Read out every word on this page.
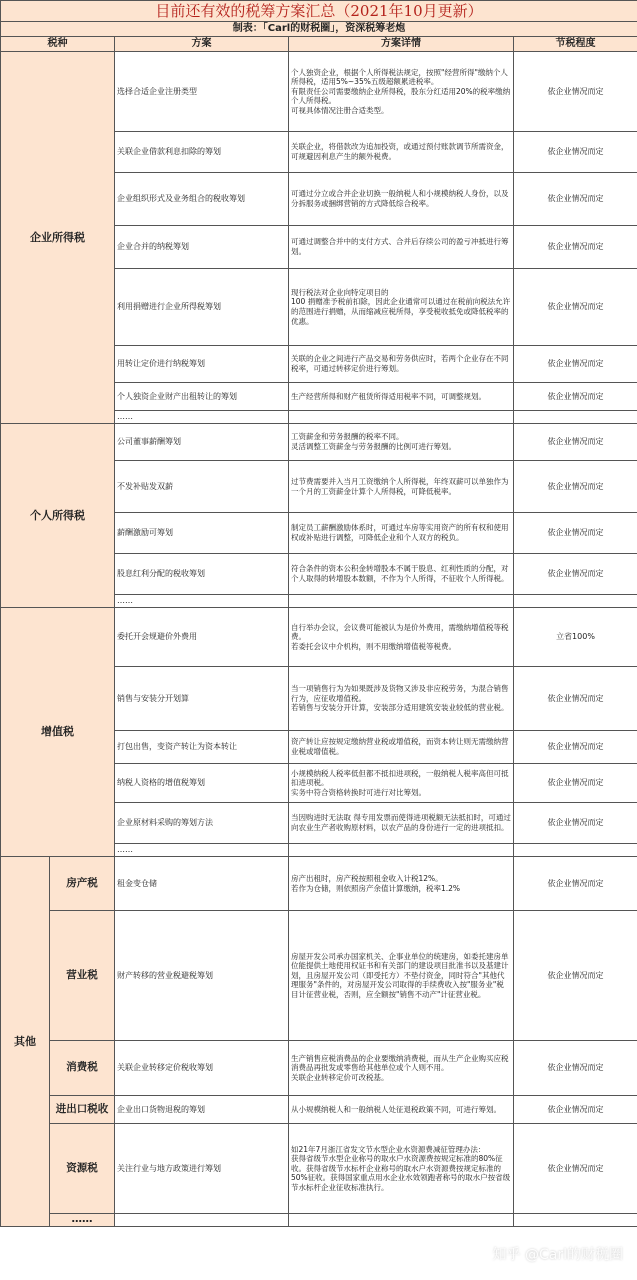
目前还有效的税筹方案汇总（2021年10月更新）				
制表：「Carl的财税圈」，资深税筹老炮				
税种		方案	方案详情	节税程度
企业所得税		选择合适企业注册类型	个人独资企业，根据个人所得税法规定，按照"经营所得"缴纳个人所得税，适用5%~35%五级超额累进税率。
有限责任公司需要缴纳企业所得税，股东分红适用20%的税率缴纳个人所得税。
可视具体情况注册合适类型。	依企业情况而定
		关联企业借款利息扣除的筹划	关联企业，将借款改为追加投资，或通过预付账款调节所需资金，可规避因利息产生的额外税费。	依企业情况而定
		企业组织形式及业务组合的税收筹划	可通过分立或合并企业切换一般纳税人和小规模纳税人身份，以及分拆服务或捆绑营销的方式降低综合税率。	依企业情况而定
		企业合并的纳税筹划	可通过调整合并中的支付方式、合并后存续公司的盈亏冲抵进行筹划。	依企业情况而定
		利用捐赠进行企业所得税筹划	现行税法对企业向特定项目的
100 捐赠准予税前扣除，因此企业通常可以通过在税前向税法允许的范围进行捐赠，从而缩减应税所得，享受税收抵免或降低税率的优惠。	依企业情况而定
		用转让定价进行纳税筹划	关联的企业之间进行产品交易和劳务供应时，若两个企业存在不同税率，可通过转移定价进行筹划。	依企业情况而定
		个人独资企业财产出租转让的筹划	生产经营所得和财产租赁所得适用税率不同，可调整规划。	依企业情况而定
		……		
个人所得税		公司董事薪酬筹划	工资薪金和劳务报酬的税率不同。
灵活调整工资薪金与劳务报酬的比例可进行筹划。	依企业情况而定
		不发补贴发双薪	过节费需要并入当月工资缴纳个人所得税，年终双薪可以单独作为一个月的工资薪金计算个人所得税，可降低税率。	依企业情况而定
		薪酬激励可筹划	制定员工薪酬激励体系时，可通过车房等实用资产的所有权和使用权或补贴进行调整，可降低企业和个人双方的税负。	依企业情况而定
		股息红利分配的税收筹划	符合条件的资本公积金转增股本不属于股息、红利性质的分配，对个人取得的转增股本数额，不作为个人所得，不征收个人所得税。	依企业情况而定
		……		
增值税		委托开会规避价外费用	自行举办会议，会议费可能被认为是价外费用，需缴纳增值税等税费。
若委托会议中介机构，则不用缴纳增值税等税费。	立省100%
		销售与安装分开划算	当一项销售行为为如果既涉及货物又涉及非应税劳务，为混合销售行为，应征收增值税。
若销售与安装分开计算，安装部分适用建筑安装业较低的营业税。	依企业情况而定
		打包出售，变资产转让为资本转让	资产转让应按规定缴纳营业税或增值税，而资本转让则无需缴纳营业税或增值税。	依企业情况而定
		纳税人资格的增值税筹划	小规模纳税人税率低但都不抵扣进项税，一般纳税人税率高但可抵扣进项税。
实务中符合资格转换时可进行对比筹划。	依企业情况而定
		企业原材料采购的筹划方法	当因购进时无法取 得专用发票而使得进项税额无法抵扣时，可通过向农业生产者收购原材料，以农产品的身份进行一定的进项抵扣。	依企业情况而定
		……		
其他	房产税	租金变仓储	房产出租时，房产税按照租金收入计税12%。
若作为仓储，则依照房产余值计算缴纳，税率1.2%	依企业情况而定
	营业税	财产转移的营业税避税筹划	房屋开发公司承办国家机关、企事业单位的统建房，如委托建房单位能提供土地使用权证书和有关部门的建设项目批准书以及基建计划，且房屋开发公司（即受托方）不垫付资金，同时符合"其他代理服务"条件的，对房屋开发公司取得的手续费收入按"服务业"税目计征营业税，否则，应全额按"销售不动产"计征营业税。	依企业情况而定
	消费税	关联企业转移定价税收筹划	生产销售应税消费品的企业要缴纳消费税，而从生产企业购买应税消费品再批发或零售给其他单位或个人则不用。
关联企业转移定价可改税基。	依企业情况而定
	进出口税收	企业出口货物退税的筹划	从小规模纳税人和一般纳税人处征退税政策不同，可进行筹划。	依企业情况而定
	资源税	关注行业与地方政策进行筹划	如21年7月浙江省发文节水型企业水资源费减征管理办法：
获得省级节水型企业称号的取水户水资源费按规定标准的80%征收。获得省级节水标杆企业称号的取水户水资源费按规定标准的50%征收。获得国家重点用水企业水效领跑者称号的取水户按省级节水标杆企业征收标准执行。	依企业情况而定
	……			
知乎 @Carl的财税圈
